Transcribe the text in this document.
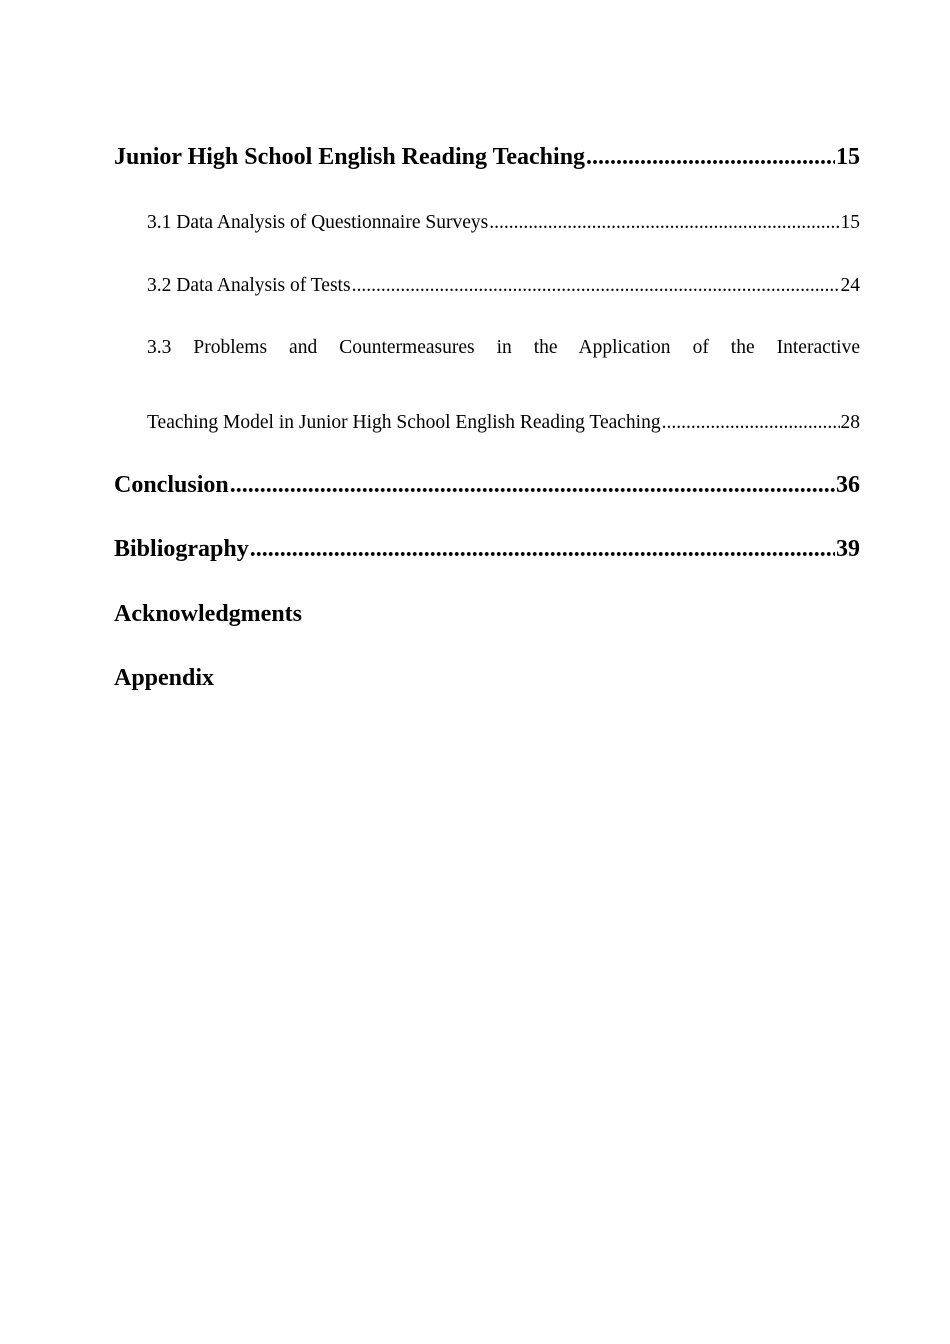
Junior High School English Reading Teaching .....	15
3.1 Data Analysis of Questionnaire Surveys .....	15
3.2 Data Analysis of Tests .....	24
3.3 Problems and Countermeasures in the Application of the Interactive
Teaching Model in Junior High School English Reading Teaching .....	28
Conclusion .....	36
Bibliography .....	39
Acknowledgments
Appendix
